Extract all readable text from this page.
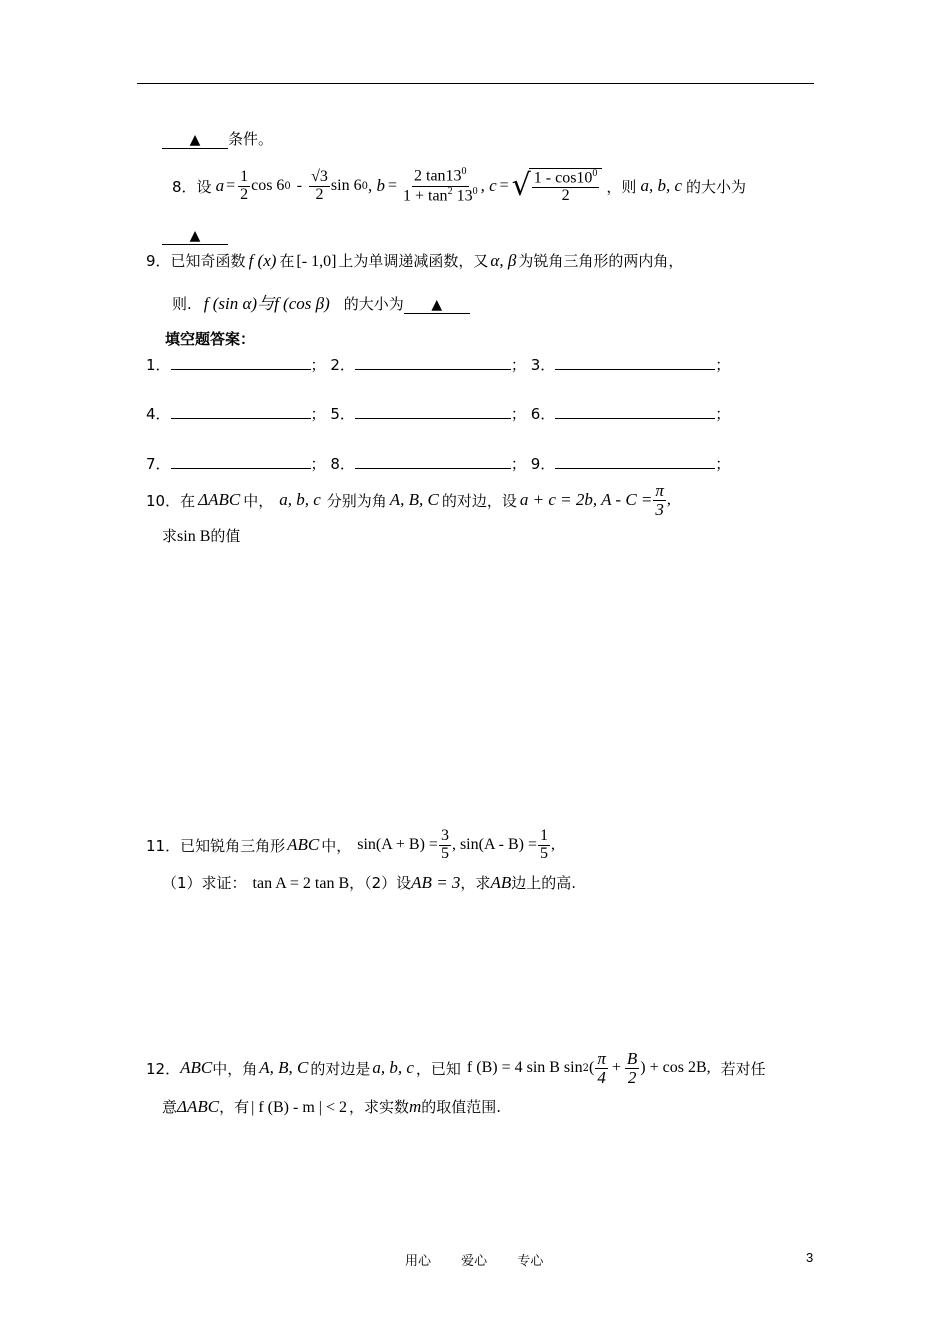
▲ 条件。
8． 设 $a = \frac{1}{2}$ cos 6 $0 - \frac{√3}{2}$ sin 6 0 , $b = \frac{2 \tan 13^0}{1 + \tan^2 13^0}$ , c = √ $\frac{1 - \cos 10^0}{2}$ ，则 a, b, c 的大小为
▲
9． 已知奇函数 f (x) 在 [- 1,0] 上为单调递减函数，又 α, β 为锐角三角形的两内角，
则. f (sin α)与f (cos β) 的大小为	▲
填空题答案：
1．	； 2．	； 3．	；
4．	； 5．	； 6．	；
7．	； 8．	； 9．	；
10． 在 ΔABC 中， a, b, c 分别为角 A, B, C 的对边，设 a + c = 2b, $A - C = \frac{\pi}{3}$ ,
求 sin B 的值
11． 已知锐角三角形 ABC 中， $\sin(A + B) = \frac{3}{5}$ , $\sin(A - B) = \frac{1}{5}$ ,
（1）求证： tan A = 2 tan B ，（2）设 AB = 3 ，求 AB 边上的高.
12． ABC 中，角 A, B, C 的对边是 a, b, c ，已知 f (B) = 4 sin B sin 2 ( $\frac{\pi}{4} + \frac{B}{2}$ ) + cos 2B, 若对任
意 ΔABC ，有 | f (B) - m | < 2 ，求实数 m 的取值范围.
用心 爱心 专心	3
